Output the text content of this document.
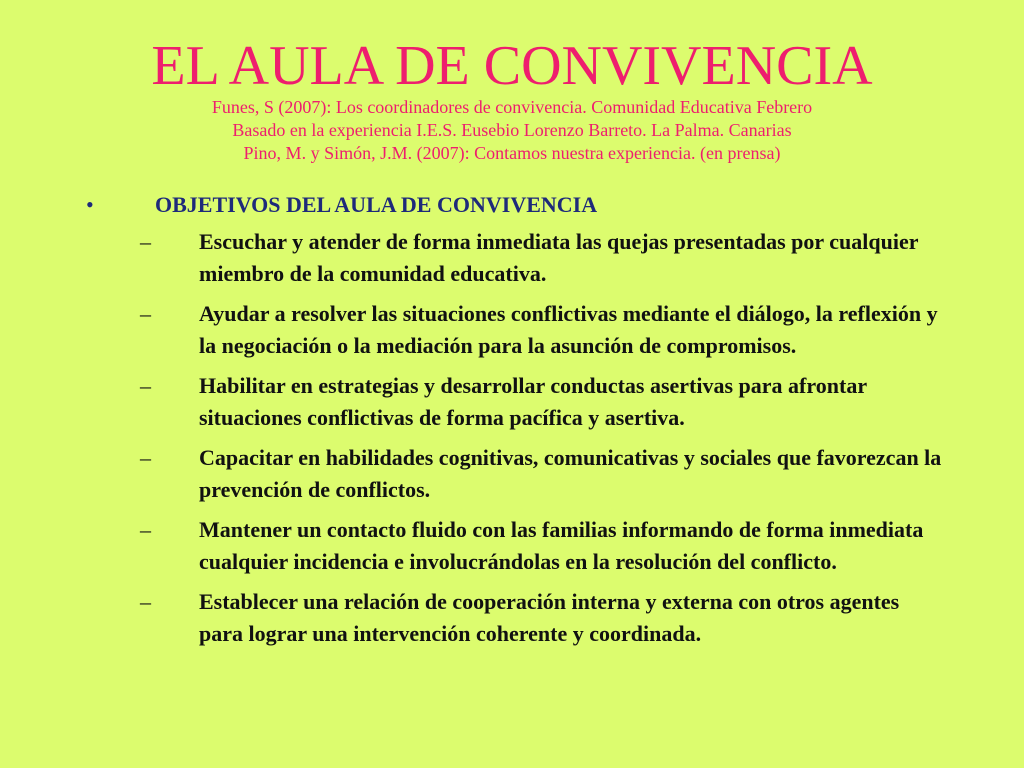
EL AULA DE CONVIVENCIA

Funes, S (2007): Los coordinadores de convivencia. Comunidad Educativa Febrero

Basado en la experiencia I.E.S. Eusebio Lorenzo Barreto. La Palma. Canarias

Pino, M. y Simón, J.M. (2007): Contamos nuestra experiencia. (en prensa)

•	OBJETIVOS DEL AULA DE CONVIVENCIA
– Escuchar y atender de forma inmediata las quejas presentadas por cualquier miembro de la comunidad educativa.
– Ayudar a resolver las situaciones conflictivas mediante el diálogo, la reflexión y la negociación o la mediación para la asunción de compromisos.
– Habilitar en estrategias y desarrollar conductas asertivas para afrontar situaciones conflictivas de forma pacífica y asertiva.
– Capacitar en habilidades cognitivas, comunicativas y sociales que favorezcan la prevención de conflictos.
– Mantener un contacto fluido con las familias informando de forma inmediata cualquier incidencia e involucrándolas en la resolución del conflicto.
– Establecer una relación de cooperación interna y externa con otros agentes para lograr una intervención coherente y coordinada.
